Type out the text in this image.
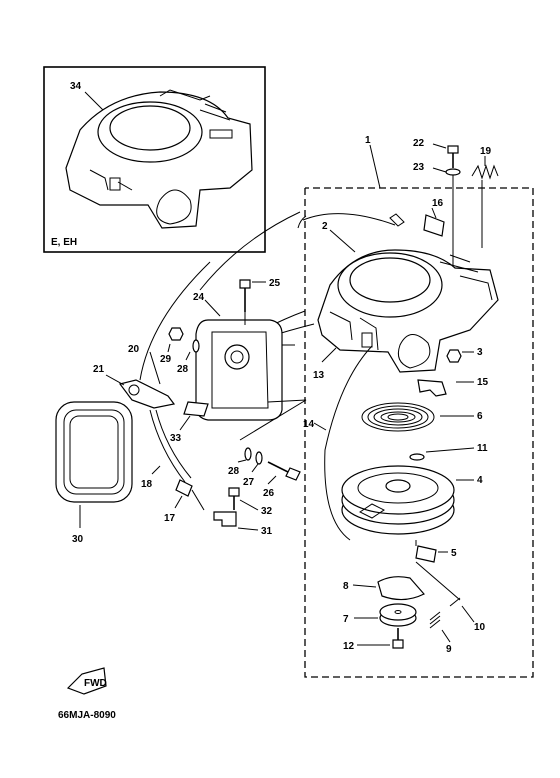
34
E, EH
1
2
22
23
19
16
3
15
6
11
4
14
5
8
7
12
10
9
13
24
25
29
28
20
21
33
18
17
31
32
26
27
28
30
FWD
66MJA-8090
